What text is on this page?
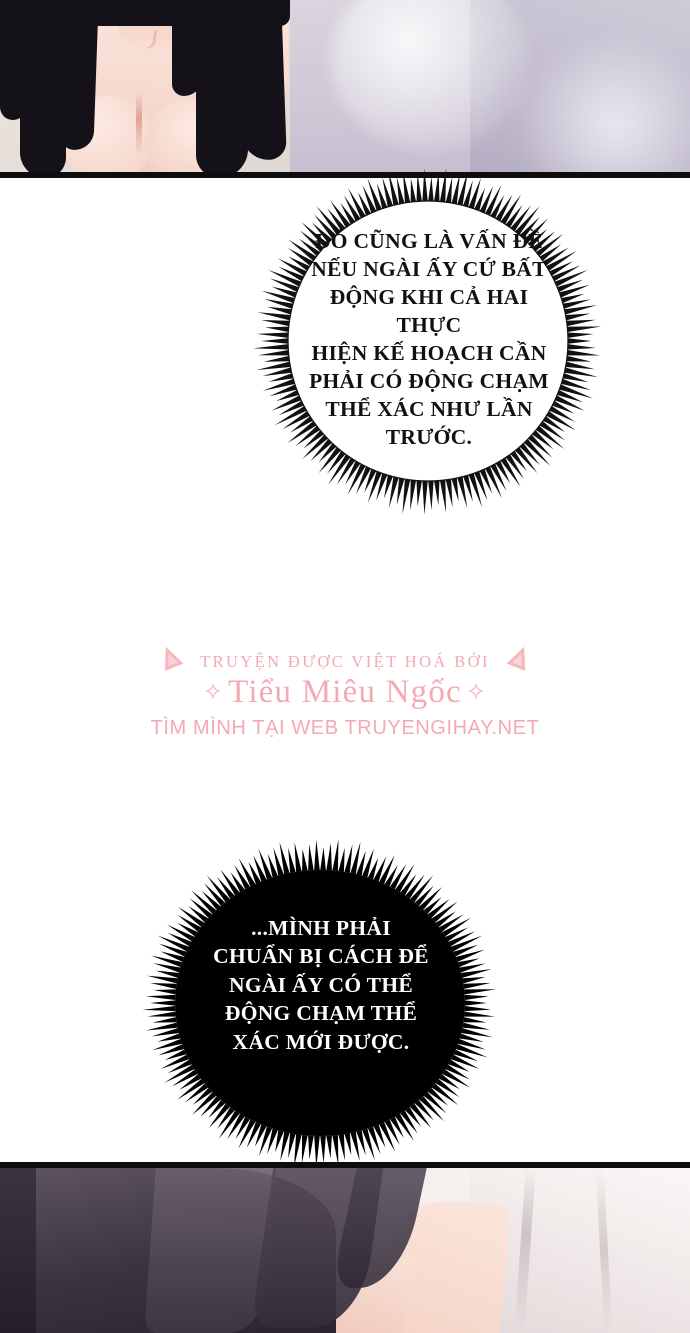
ĐÓ CŨNG LÀ VẤN ĐỀ
NẾU NGÀI ẤY CỨ BẤT
ĐỘNG KHI CẢ HAI THỰC
HIỆN KẾ HOẠCH CẦN
PHẢI CÓ ĐỘNG CHẠM
THỂ XÁC NHƯ LẦN
TRƯỚC.
TRUYỆN ĐƯỢC VIỆT HOÁ BỞI
⟡ Tiểu Miêu Ngốc ⟡
TÌM MÌNH TẠI WEB TRUYENGIHAY.NET
...MÌNH PHẢI
CHUẨN BỊ CÁCH ĐỂ
NGÀI ẤY CÓ THỂ
ĐỘNG CHẠM THỂ
XÁC MỚI ĐƯỢC.
